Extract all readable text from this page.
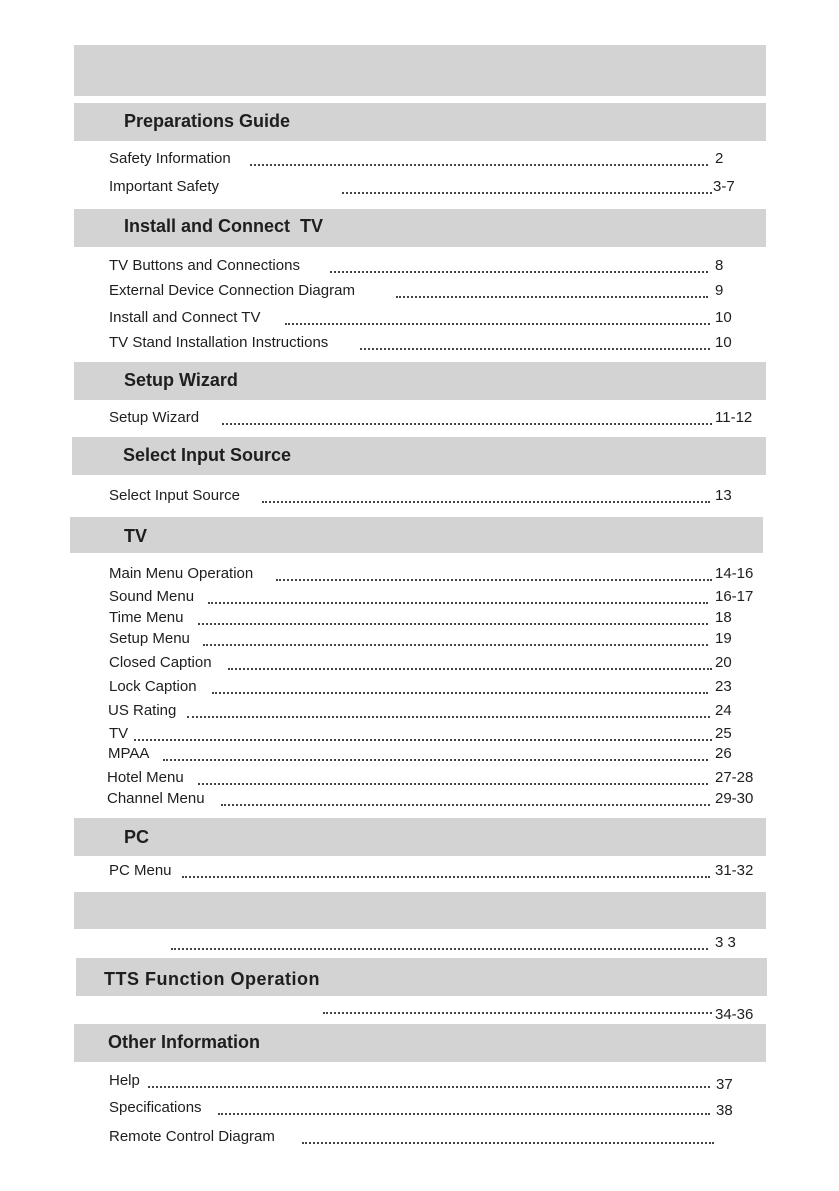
Preparations Guide
Safety Information	2
Important Safety	3-7
Install and Connect  TV
TV Buttons and Connections	8
External Device Connection Diagram	9
Install and Connect TV	10
TV Stand Installation Instructions	10
Setup Wizard
Setup Wizard	11-12
Select Input Source
Select Input Source	13
TV
Main Menu Operation	14-16
Sound Menu	16-17
Time Menu	18
Setup Menu	19
Closed Caption	20
Lock Caption	23
US Rating	24
TV	25
MPAA	26
Hotel Menu	27-28
Channel Menu	29-30
PC
PC Menu	31-32
3 3
TTS Function Operation
34-36
Other Information
Help	37
Specifications	38
Remote Control Diagram
